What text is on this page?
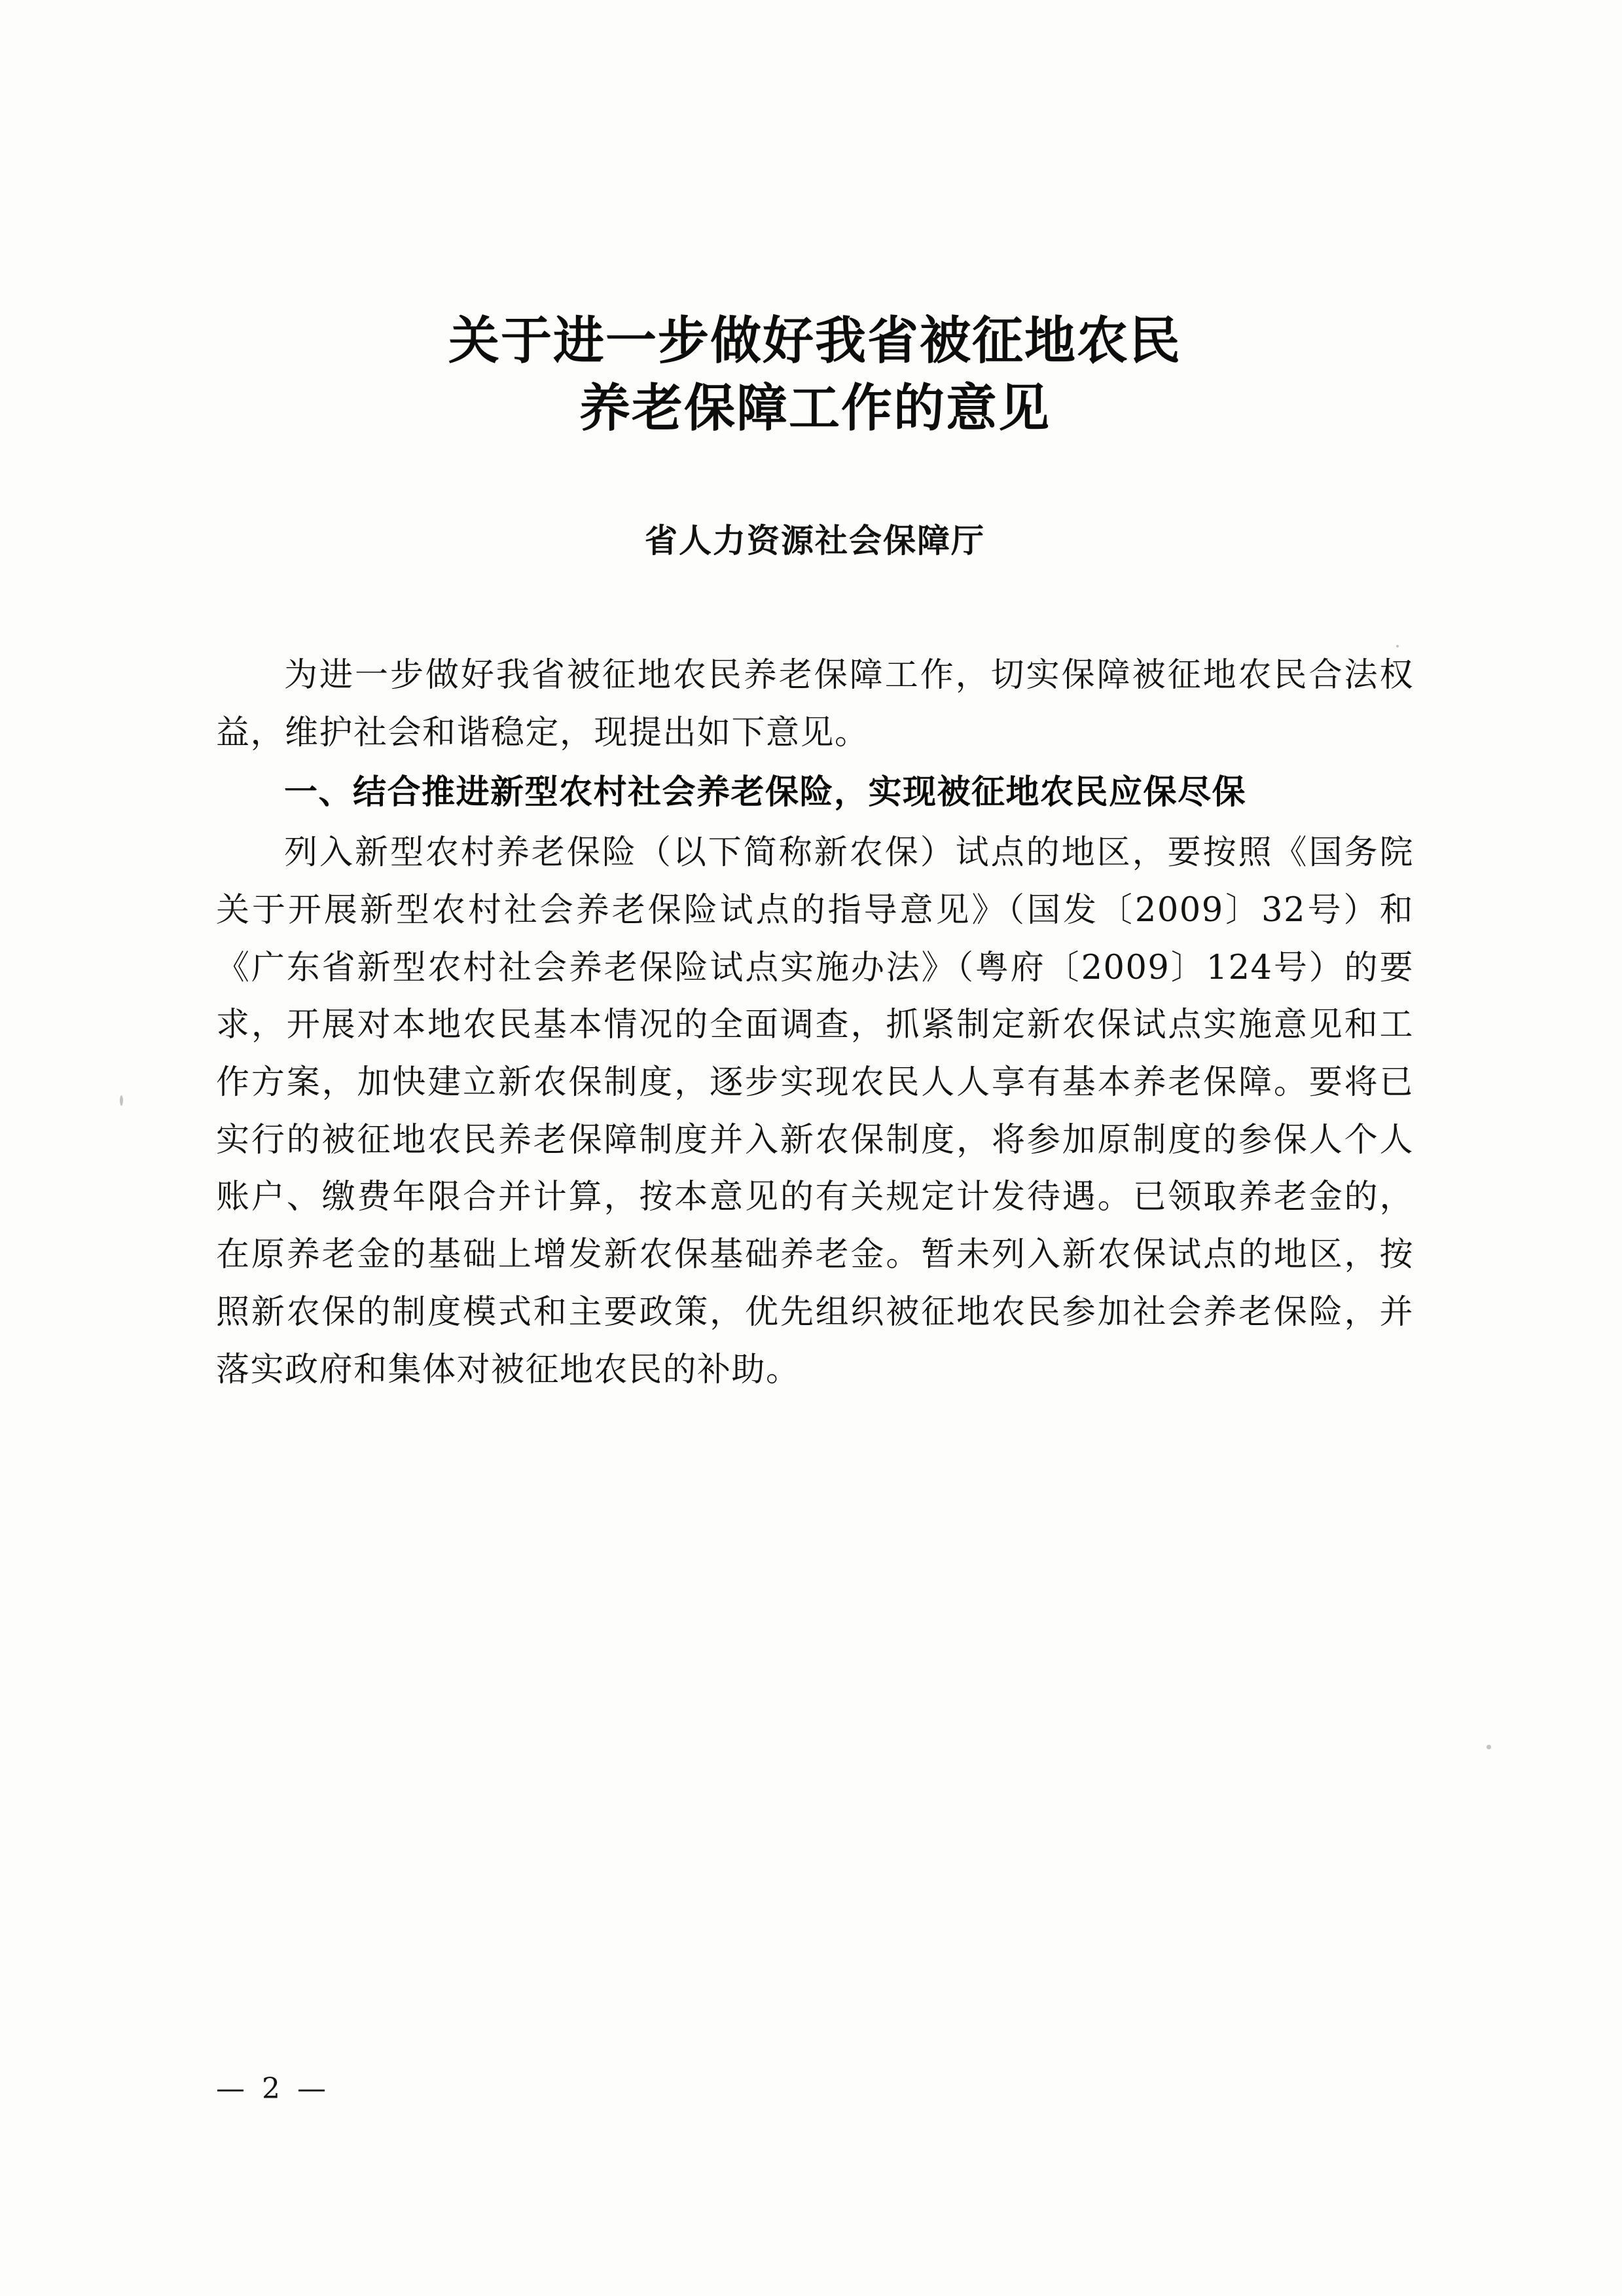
关于进一步做好我省被征地农民
养老保障工作的意见
省人力资源社会保障厅

为进一步做好我省被征地农民养老保障工作，切实保障被征地农民合法权益，维护社会和谐稳定，现提出如下意见。

一、结合推进新型农村社会养老保险，实现被征地农民应保尽保

列入新型农村养老保险（以下简称新农保）试点的地区，要按照《国务院关于开展新型农村社会养老保险试点的指导意见》（国发〔2009〕32号）和《广东省新型农村社会养老保险试点实施办法》（粤府〔2009〕124号）的要求，开展对本地农民基本情况的全面调查，抓紧制定新农保试点实施意见和工作方案，加快建立新农保制度，逐步实现农民人人享有基本养老保障。要将已实行的被征地农民养老保障制度并入新农保制度，将参加原制度的参保人个人账户、缴费年限合并计算，按本意见的有关规定计发待遇。已领取养老金的，在原养老金的基础上增发新农保基础养老金。暂未列入新农保试点的地区，按照新农保的制度模式和主要政策，优先组织被征地农民参加社会养老保险，并落实政府和集体对被征地农民的补助。

— 2 —
